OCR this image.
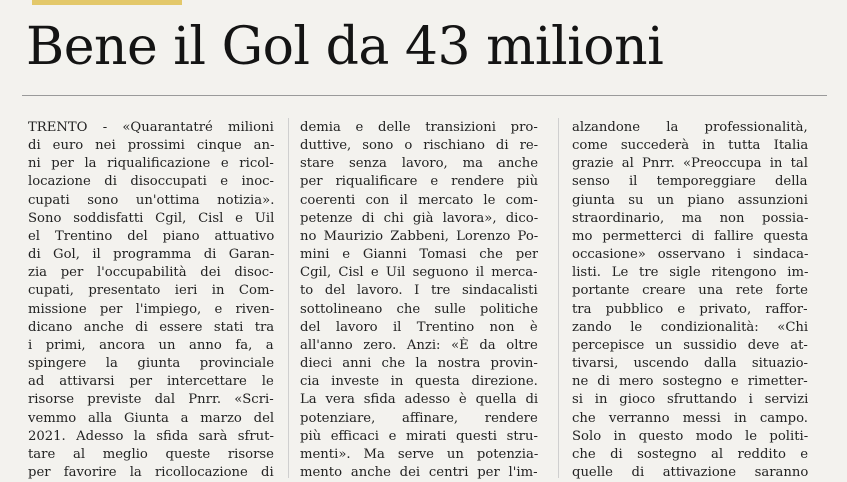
Bene il Gol da 43 milioni
TRENTO - «Quarantatré milioni
di euro nei prossimi cinque an-
ni per la riqualificazione e ricol-
locazione di disoccupati e inoc-
cupati sono un'ottima notizia».
Sono soddisfatti Cgil, Cisl e Uil
el Trentino del piano attuativo
di Gol, il programma di Garan-
zia per l'occupabilità dei disoc-
cupati, presentato ieri in Com-
missione per l'impiego, e riven-
dicano anche di essere stati tra
i primi, ancora un anno fa, a
spingere la giunta provinciale
ad attivarsi per intercettare le
risorse previste dal Pnrr. «Scri-
vemmo alla Giunta a marzo del
2021. Adesso la sfida sarà sfrut-
tare al meglio queste risorse
per favorire la ricollocazione di
demia e delle transizioni pro-
duttive, sono o rischiano di re-
stare senza lavoro, ma anche
per riqualificare e rendere più
coerenti con il mercato le com-
petenze di chi già lavora», dico-
no Maurizio Zabbeni, Lorenzo Po-
mini e Gianni Tomasi che per
Cgil, Cisl e Uil seguono il merca-
to del lavoro. I tre sindacalisti
sottolineano che sulle politiche
del lavoro il Trentino non è
all'anno zero. Anzi: «È da oltre
dieci anni che la nostra provin-
cia investe in questa direzione.
La vera sfida adesso è quella di
potenziare, affinare, rendere
più efficaci e mirati questi stru-
menti». Ma serve un potenzia-
mento anche dei centri per l'im-
alzandone la professionalità,
come succederà in tutta Italia
grazie al Pnrr. «Preoccupa in tal
senso il temporeggiare della
giunta su un piano assunzioni
straordinario, ma non possia-
mo permetterci di fallire questa
occasione» osservano i sindaca-
listi. Le tre sigle ritengono im-
portante creare una rete forte
tra pubblico e privato, raffor-
zando le condizionalità: «Chi
percepisce un sussidio deve at-
tivarsi, uscendo dalla situazio-
ne di mero sostegno e rimetter-
si in gioco sfruttando i servizi
che verranno messi in campo.
Solo in questo modo le politi-
che di sostegno al reddito e
quelle di attivazione saranno
